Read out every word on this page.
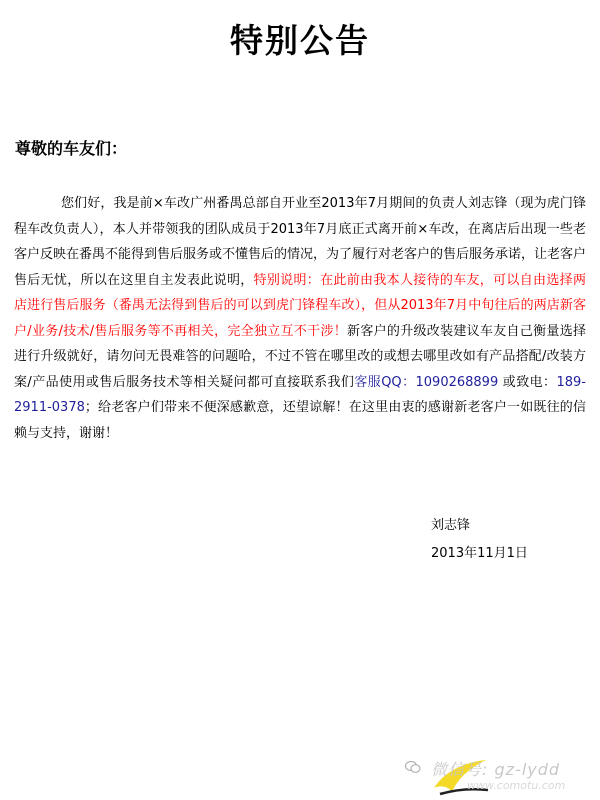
特别公告
尊敬的车友们：

您们好，我是前×车改广州番禺总部自开业至2013年7月期间的负责人刘志锋（现为虎门锋程车改负责人），本人并带领我的团队成员于2013年7月底正式离开前×车改，在离店后出现一些老客户反映在番禺不能得到售后服务或不懂售后的情况，为了履行对老客户的售后服务承诺，让老客户售后无忧，所以在这里自主发表此说明，特别说明：在此前由我本人接待的车友，可以自由选择两店进行售后服务（番禺无法得到售后的可以到虎门锋程车改），但从2013年7月中旬往后的两店新客户/业务/技术/售后服务等不再相关，完全独立互不干涉！新客户的升级改装建议车友自己衡量选择进行升级就好，请勿问无畏难答的问题哈，不过不管在哪里改的或想去哪里改如有产品搭配/改装方案/产品使用或售后服务技术等相关疑问都可直接联系我们客服QQ：1090268899 或致电：189-2911-0378；给老客户们带来不便深感歉意，还望谅解！在这里由衷的感谢新老客户一如既往的信赖与支持，谢谢！

刘志锋
2013年11月1日
微信号: gz-lydd
www.comotu.com
